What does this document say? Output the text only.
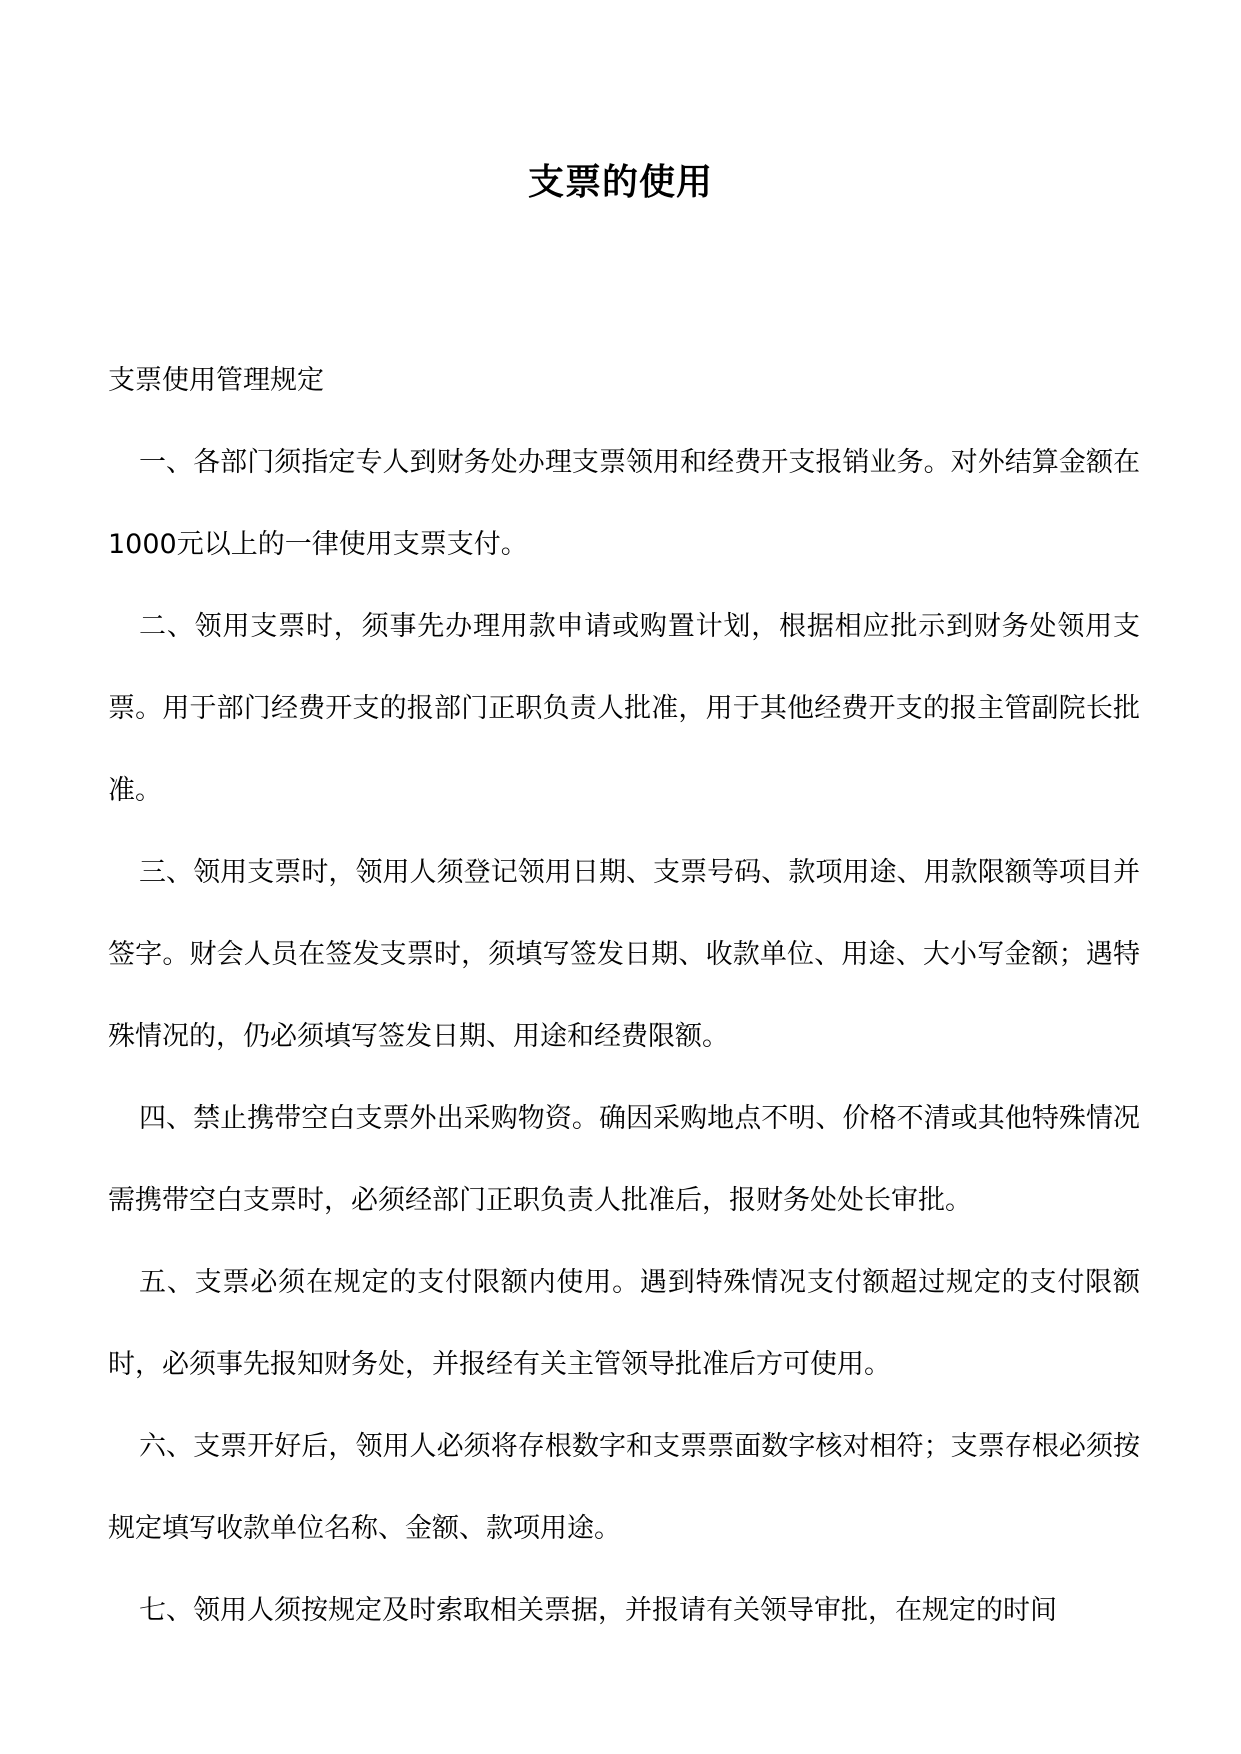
支票的使用

支票使用管理规定

一、各部门须指定专人到财务处办理支票领用和经费开支报销业务。对外结算金额在1000元以上的一律使用支票支付。

二、领用支票时，须事先办理用款申请或购置计划，根据相应批示到财务处领用支票。用于部门经费开支的报部门正职负责人批准，用于其他经费开支的报主管副院长批准。

三、领用支票时，领用人须登记领用日期、支票号码、款项用途、用款限额等项目并签字。财会人员在签发支票时，须填写签发日期、收款单位、用途、大小写金额；遇特殊情况的，仍必须填写签发日期、用途和经费限额。

四、禁止携带空白支票外出采购物资。确因采购地点不明、价格不清或其他特殊情况需携带空白支票时，必须经部门正职负责人批准后，报财务处处长审批。

五、支票必须在规定的支付限额内使用。遇到特殊情况支付额超过规定的支付限额时，必须事先报知财务处，并报经有关主管领导批准后方可使用。

六、支票开好后，领用人必须将存根数字和支票票面数字核对相符；支票存根必须按规定填写收款单位名称、金额、款项用途。

七、领用人须按规定及时索取相关票据，并报请有关领导审批，在规定的时间
